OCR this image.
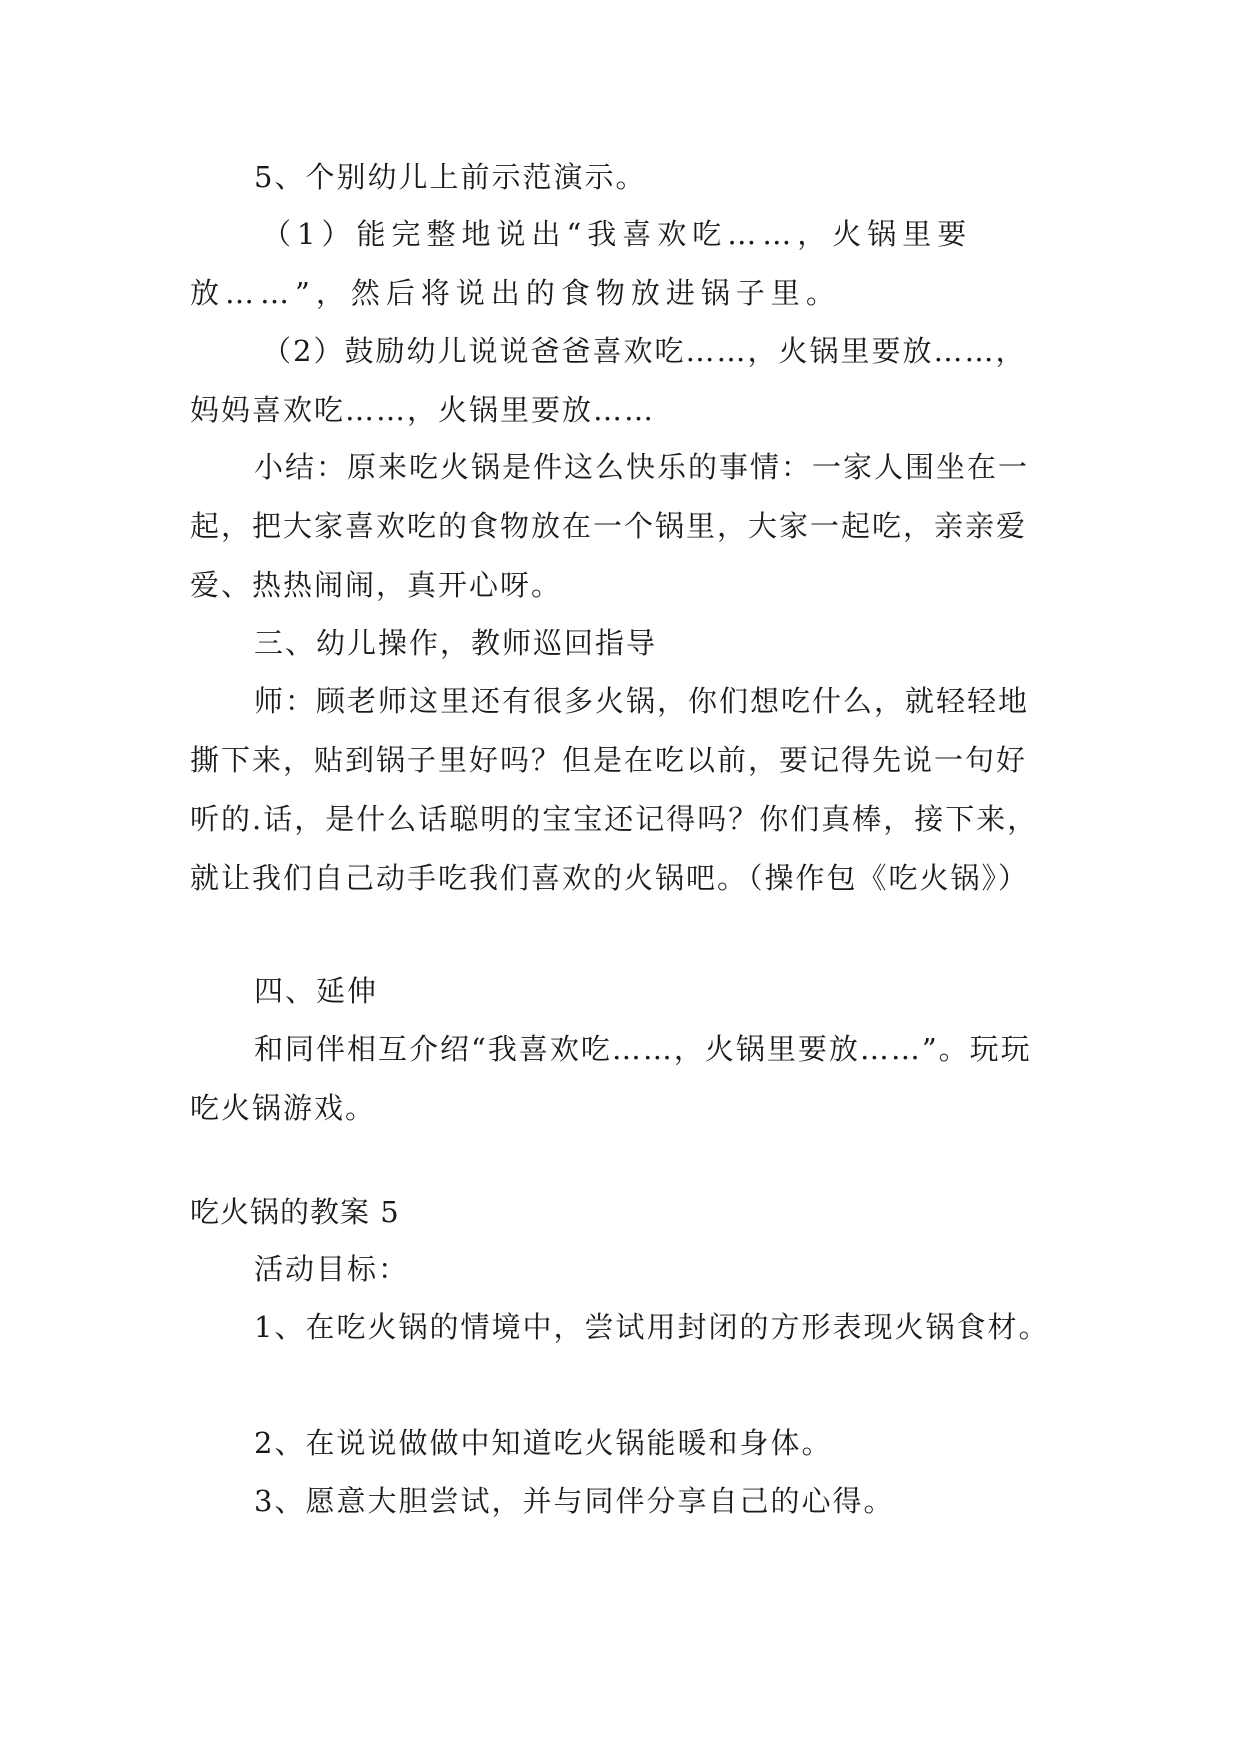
5、个别幼儿上前示范演示。

（1）能完整地说出“我喜欢吃……，火锅里要放……”，然后将说出的食物放进锅子里。

（2）鼓励幼儿说说爸爸喜欢吃……，火锅里要放……，妈妈喜欢吃……，火锅里要放……

小结：原来吃火锅是件这么快乐的事情：一家人围坐在一起，把大家喜欢吃的食物放在一个锅里，大家一起吃，亲亲爱爱、热热闹闹，真开心呀。

三、幼儿操作，教师巡回指导

师：顾老师这里还有很多火锅，你们想吃什么，就轻轻地撕下来，贴到锅子里好吗？但是在吃以前，要记得先说一句好听的.话，是什么话聪明的宝宝还记得吗？你们真棒，接下来，就让我们自己动手吃我们喜欢的火锅吧。（操作包《吃火锅》）

四、延伸

和同伴相互介绍“我喜欢吃……，火锅里要放……”。玩玩吃火锅游戏。

吃火锅的教案 5

活动目标：

1、在吃火锅的情境中，尝试用封闭的方形表现火锅食材。

2、在说说做做中知道吃火锅能暖和身体。

3、愿意大胆尝试，并与同伴分享自己的心得。
